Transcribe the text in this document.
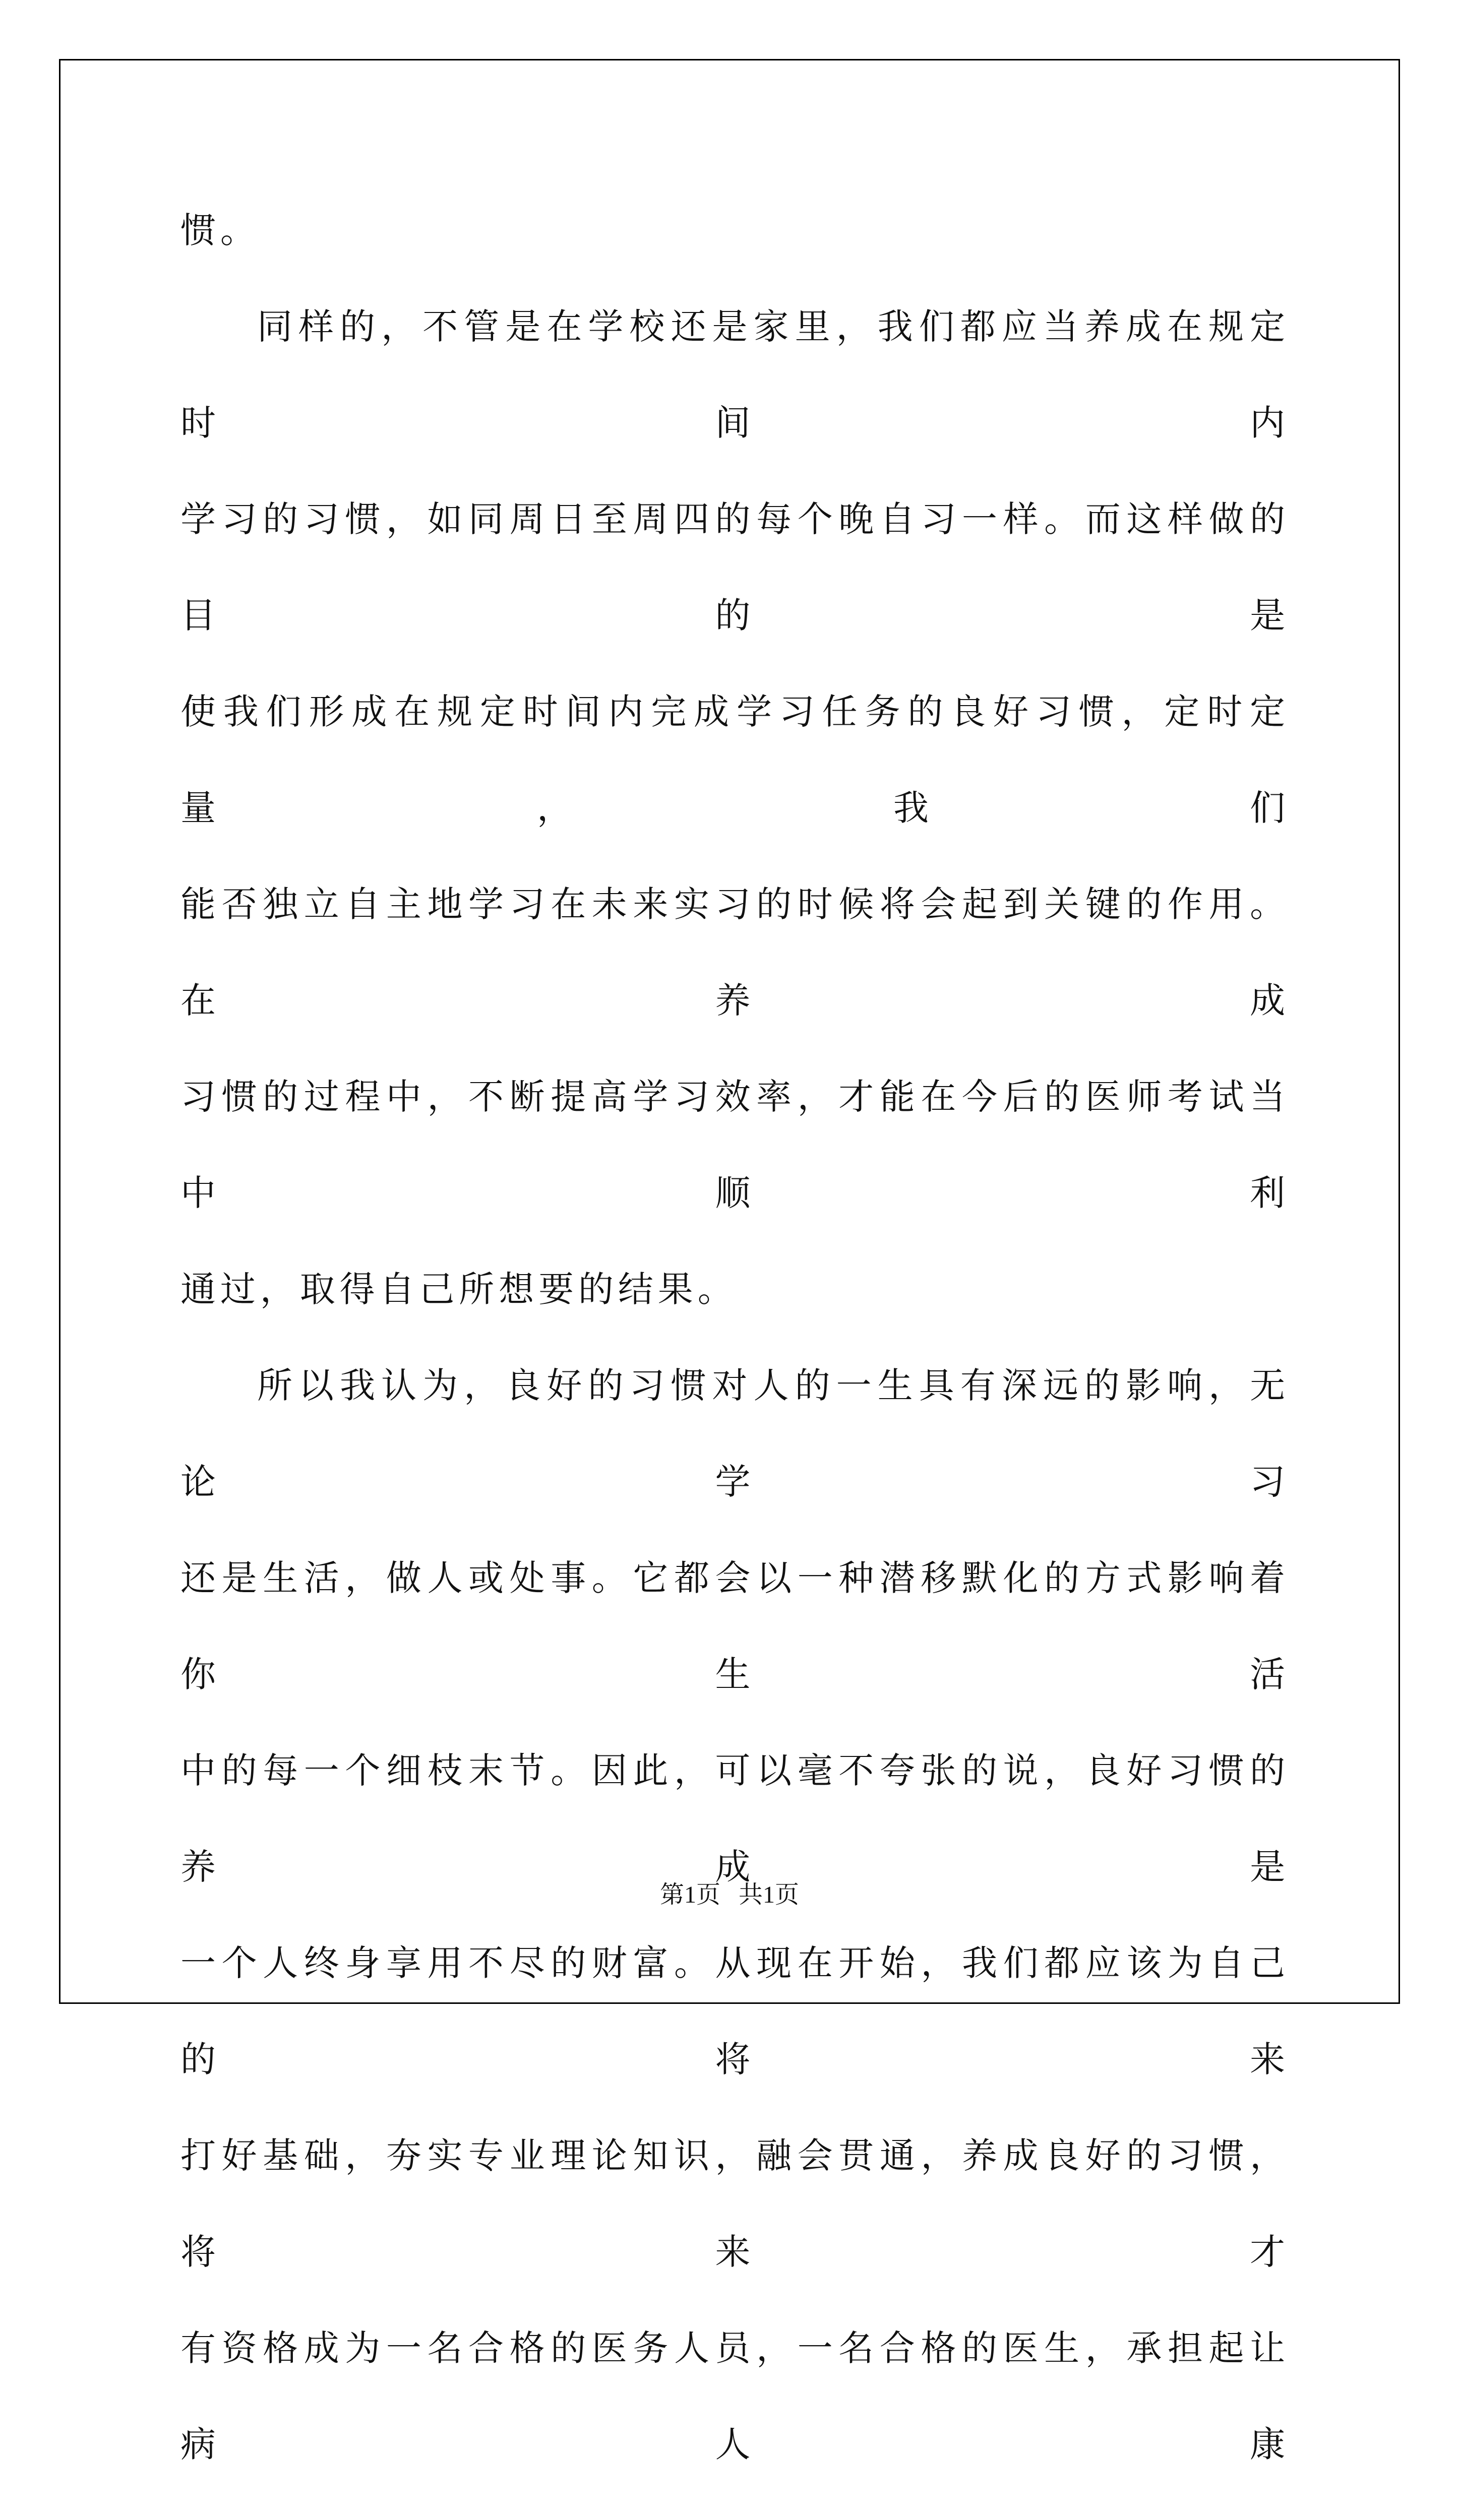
惯。

同样的，不管是在学校还是家里，我们都应当养成在规定时间内

学习的习惯，如同周日至周四的每个晚自习一样。而这样做的目的是

使我们形成在规定时间内完成学习任务的良好习惯，定时定量，我们

能否独立自主地学习在未来实习的时候将会起到关键的作用。在养成

习惯的过程中，不断提高学习效率，才能在今后的医师考试当中顺利

通过，取得自己所想要的结果。

所以我认为，良好的习惯对人的一生具有深远的影响，无论学习

还是生活，做人或处事。它都会以一种潜移默化的方式影响着你生活

中的每一个细枝末节。因此，可以毫不夸张的说，良好习惯的养成是

一个人终身享用不尽的财富。从现在开始，我们都应该为自己的将来

打好基础，夯实专业理论知识，融会贯通，养成良好的习惯，将来才

有资格成为一名合格的医务人员，一名合格的医生，承担起让病人康

第1页 共1页
